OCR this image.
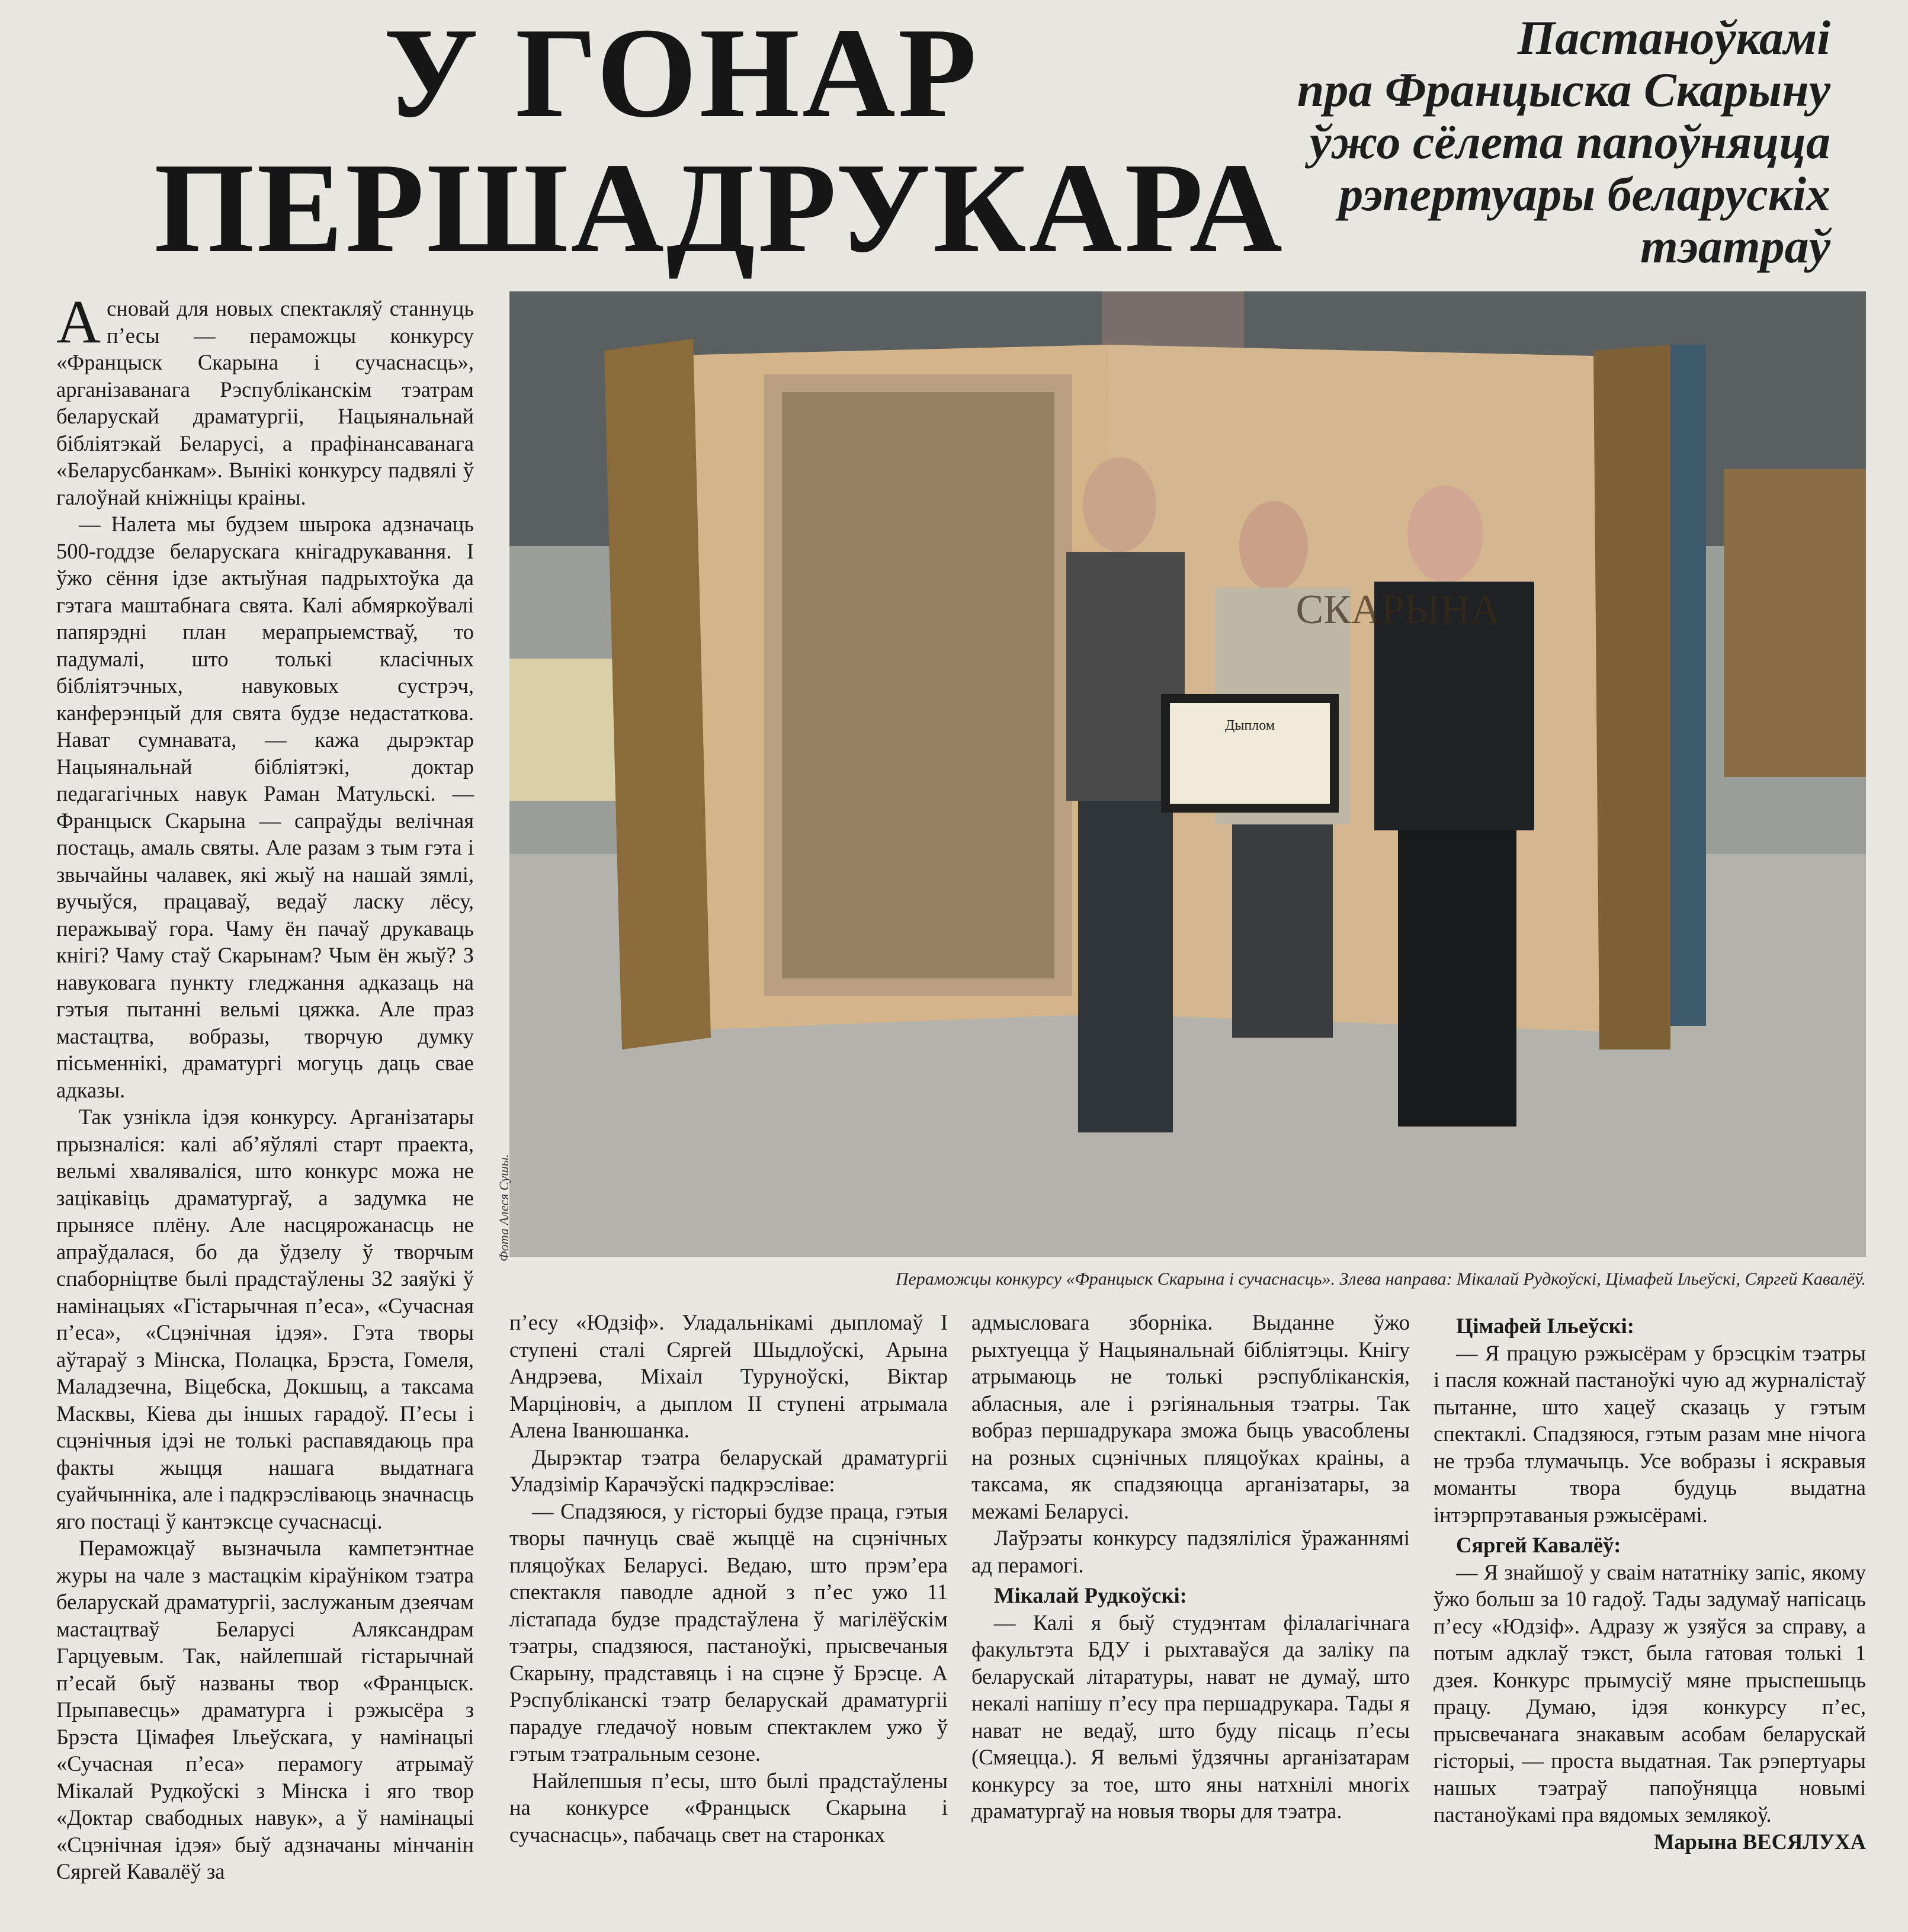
У ГОНАР
ПЕРШАДРУКАРА
Пастаноўкамі
пра Францыска Скарыну
ўжо сёлета папоўняцца
рэпертуары беларускіх
тэатраў
Дыплом
СКАРЫНА
Фота Алеся Сушы.
Пераможцы конкурсу «Францыск Скарына і сучаснасць». Злева направа: Мікалай Рудкоўскі, Цімафей Ільеўскі, Сяргей Кавалёў.

Асновай для новых спектакляў станнуць п’есы — пераможцы конкурсу «Францыск Скарына і сучаснасць», арганізаванага Рэспубліканскім тэатрам беларускай драматургіі, Нацыянальнай бібліятэкай Беларусі, а прафінансаванага «Беларусбанкам». Вынікі конкурсу падвялі ў галоўнай кніжніцы краіны.

— Налета мы будзем шырока адзначаць 500-годдзе беларускага кнігадрукавання. І ўжо сёння ідзе актыўная падрыхтоўка да гэтага маштабнага свята. Калі абмяркоўвалі папярэдні план мерапрыемстваў, то падумалі, што толькі класічных бібліятэчных, навуковых сустрэч, канферэнцый для свята будзе недастаткова. Нават сумнавата, — кажа дырэктар Нацыянальнай бібліятэкі, доктар педагагічных навук Раман Матульскі. — Францыск Скарына — сапраўды велічная постаць, амаль святы. Але разам з тым гэта і звычайны чалавек, які жыў на нашай зямлі, вучыўся, працаваў, ведаў ласку лёсу, перажываў гора. Чаму ён пачаў друкаваць кнігі? Чаму стаў Скарынам? Чым ён жыў? З навуковага пункту гледжання адказаць на гэтыя пытанні вельмі цяжка. Але праз мастацтва, вобразы, творчую думку пісьменнікі, драматургі могуць даць свае адказы.

Так узнікла ідэя конкурсу. Арганізатары прызналіся: калі аб’яўлялі старт праекта, вельмі хваляваліся, што конкурс можа не зацікавіць драматургаў, а задумка не прынясе плёну. Але насцярожанасць не апраўдалася, бо да ўдзелу ў творчым спаборніцтве былі прадстаўлены 32 заяўкі ў намінацыях «Гістарычная п’еса», «Сучасная п’еса», «Сцэнічная ідэя». Гэта творы аўтараў з Мінска, Полацка, Брэста, Гомеля, Маладзечна, Віцебска, Докшыц, а таксама Масквы, Кіева ды іншых гарадоў. П’есы і сцэнічныя ідэі не толькі распавядаюць пра факты жыцця нашага выдатнага суайчынніка, але і падкрэсліваюць значнасць яго постаці ў кантэксце сучаснасці.

Пераможцаў вызначыла кампетэнтнае журы на чале з мастацкім кіраўніком тэатра беларускай драматургіі, заслужаным дзеячам мастацтваў Беларусі Аляксандрам Гарцуевым. Так, найлепшай гістарычнай п’есай быў названы твор «Францыск. Прыпавесць» драматурга і рэжысёра з Брэста Цімафея Ільеўскага, у намінацыі «Сучасная п’еса» перамогу атрымаў Мікалай Рудкоўскі з Мінска і яго твор «Доктар свабодных навук», а ў намінацыі «Сцэнічная ідэя» быў адзначаны мінчанін Сяргей Кавалёў за

п’есу «Юдзіф». Уладальнікамі дыпломаў І ступені сталі Сяргей Шыдлоўскі, Арына Андрэева, Міхаіл Туруноўскі, Віктар Марціновіч, а дыплом ІІ ступені атрымала Алена Іванюшанка.

Дырэктар тэатра беларускай драматургіі Уладзімір Карачэўскі падкрэслівае:

— Спадзяюся, у гісторыі будзе праца, гэтыя творы пачнуць сваё жыццё на сцэнічных пляцоўках Беларусі. Ведаю, што прэм’ера спектакля паводле адной з п’ес ужо 11 лістапада будзе прадстаўлена ў магілёўскім тэатры, спадзяюся, пастаноўкі, прысвечаныя Скарыну, прадставяць і на сцэне ў Брэсце. А Рэспубліканскі тэатр беларускай драматургіі парадуе гледачоў новым спектаклем ужо ў гэтым тэатральным сезоне.

Найлепшыя п’есы, што былі прадстаўлены на конкурсе «Францыск Скарына і сучаснасць», пабачаць свет на старонках

адмысловага зборніка. Выданне ўжо рыхтуецца ў Нацыянальнай бібліятэцы. Кнігу атрымаюць не толькі рэспубліканскія, абласныя, але і рэгіянальныя тэатры. Так вобраз першадрукара зможа быць увасоблены на розных сцэнічных пляцоўках краіны, а таксама, як спадзяюцца арганізатары, за межамі Беларусі.

Лаўрэаты конкурсу падзяліліся ўражаннямі ад перамогі.

Мікалай Рудкоўскі:

— Калі я быў студэнтам філалагічнага факультэта БДУ і рыхтаваўся да заліку па беларускай літаратуры, нават не думаў, што некалі напішу п’есу пра першадрукара. Тады я нават не ведаў, што буду пісаць п’есы (Смяецца.). Я вельмі ўдзячны арганізатарам конкурсу за тое, што яны натхнілі многіх драматургаў на новыя творы для тэатра.

Цімафей Ільеўскі:

— Я працую рэжысёрам у брэсцкім тэатры і пасля кожнай пастаноўкі чую ад журналістаў пытанне, што хацеў сказаць у гэтым спектаклі. Спадзяюся, гэтым разам мне нічога не трэба тлумачыць. Усе вобразы і яскравыя моманты твора будуць выдатна інтэрпрэтаваныя рэжысёрамі.

Сяргей Кавалёў:

— Я знайшоў у сваім нататніку запіс, якому ўжо больш за 10 гадоў. Тады задумаў напісаць п’есу «Юдзіф». Адразу ж узяўся за справу, а потым адклаў тэкст, была гатовая толькі 1 дзея. Конкурс прымусіў мяне прыспешыць працу. Думаю, ідэя конкурсу п’ес, прысвечанага знакавым асобам беларускай гісторыі, — проста выдатная. Так рэпертуары нашых тэатраў папоўняцца новымі пастаноўкамі пра вядомых землякоў.

Марына ВЕСЯЛУХА
